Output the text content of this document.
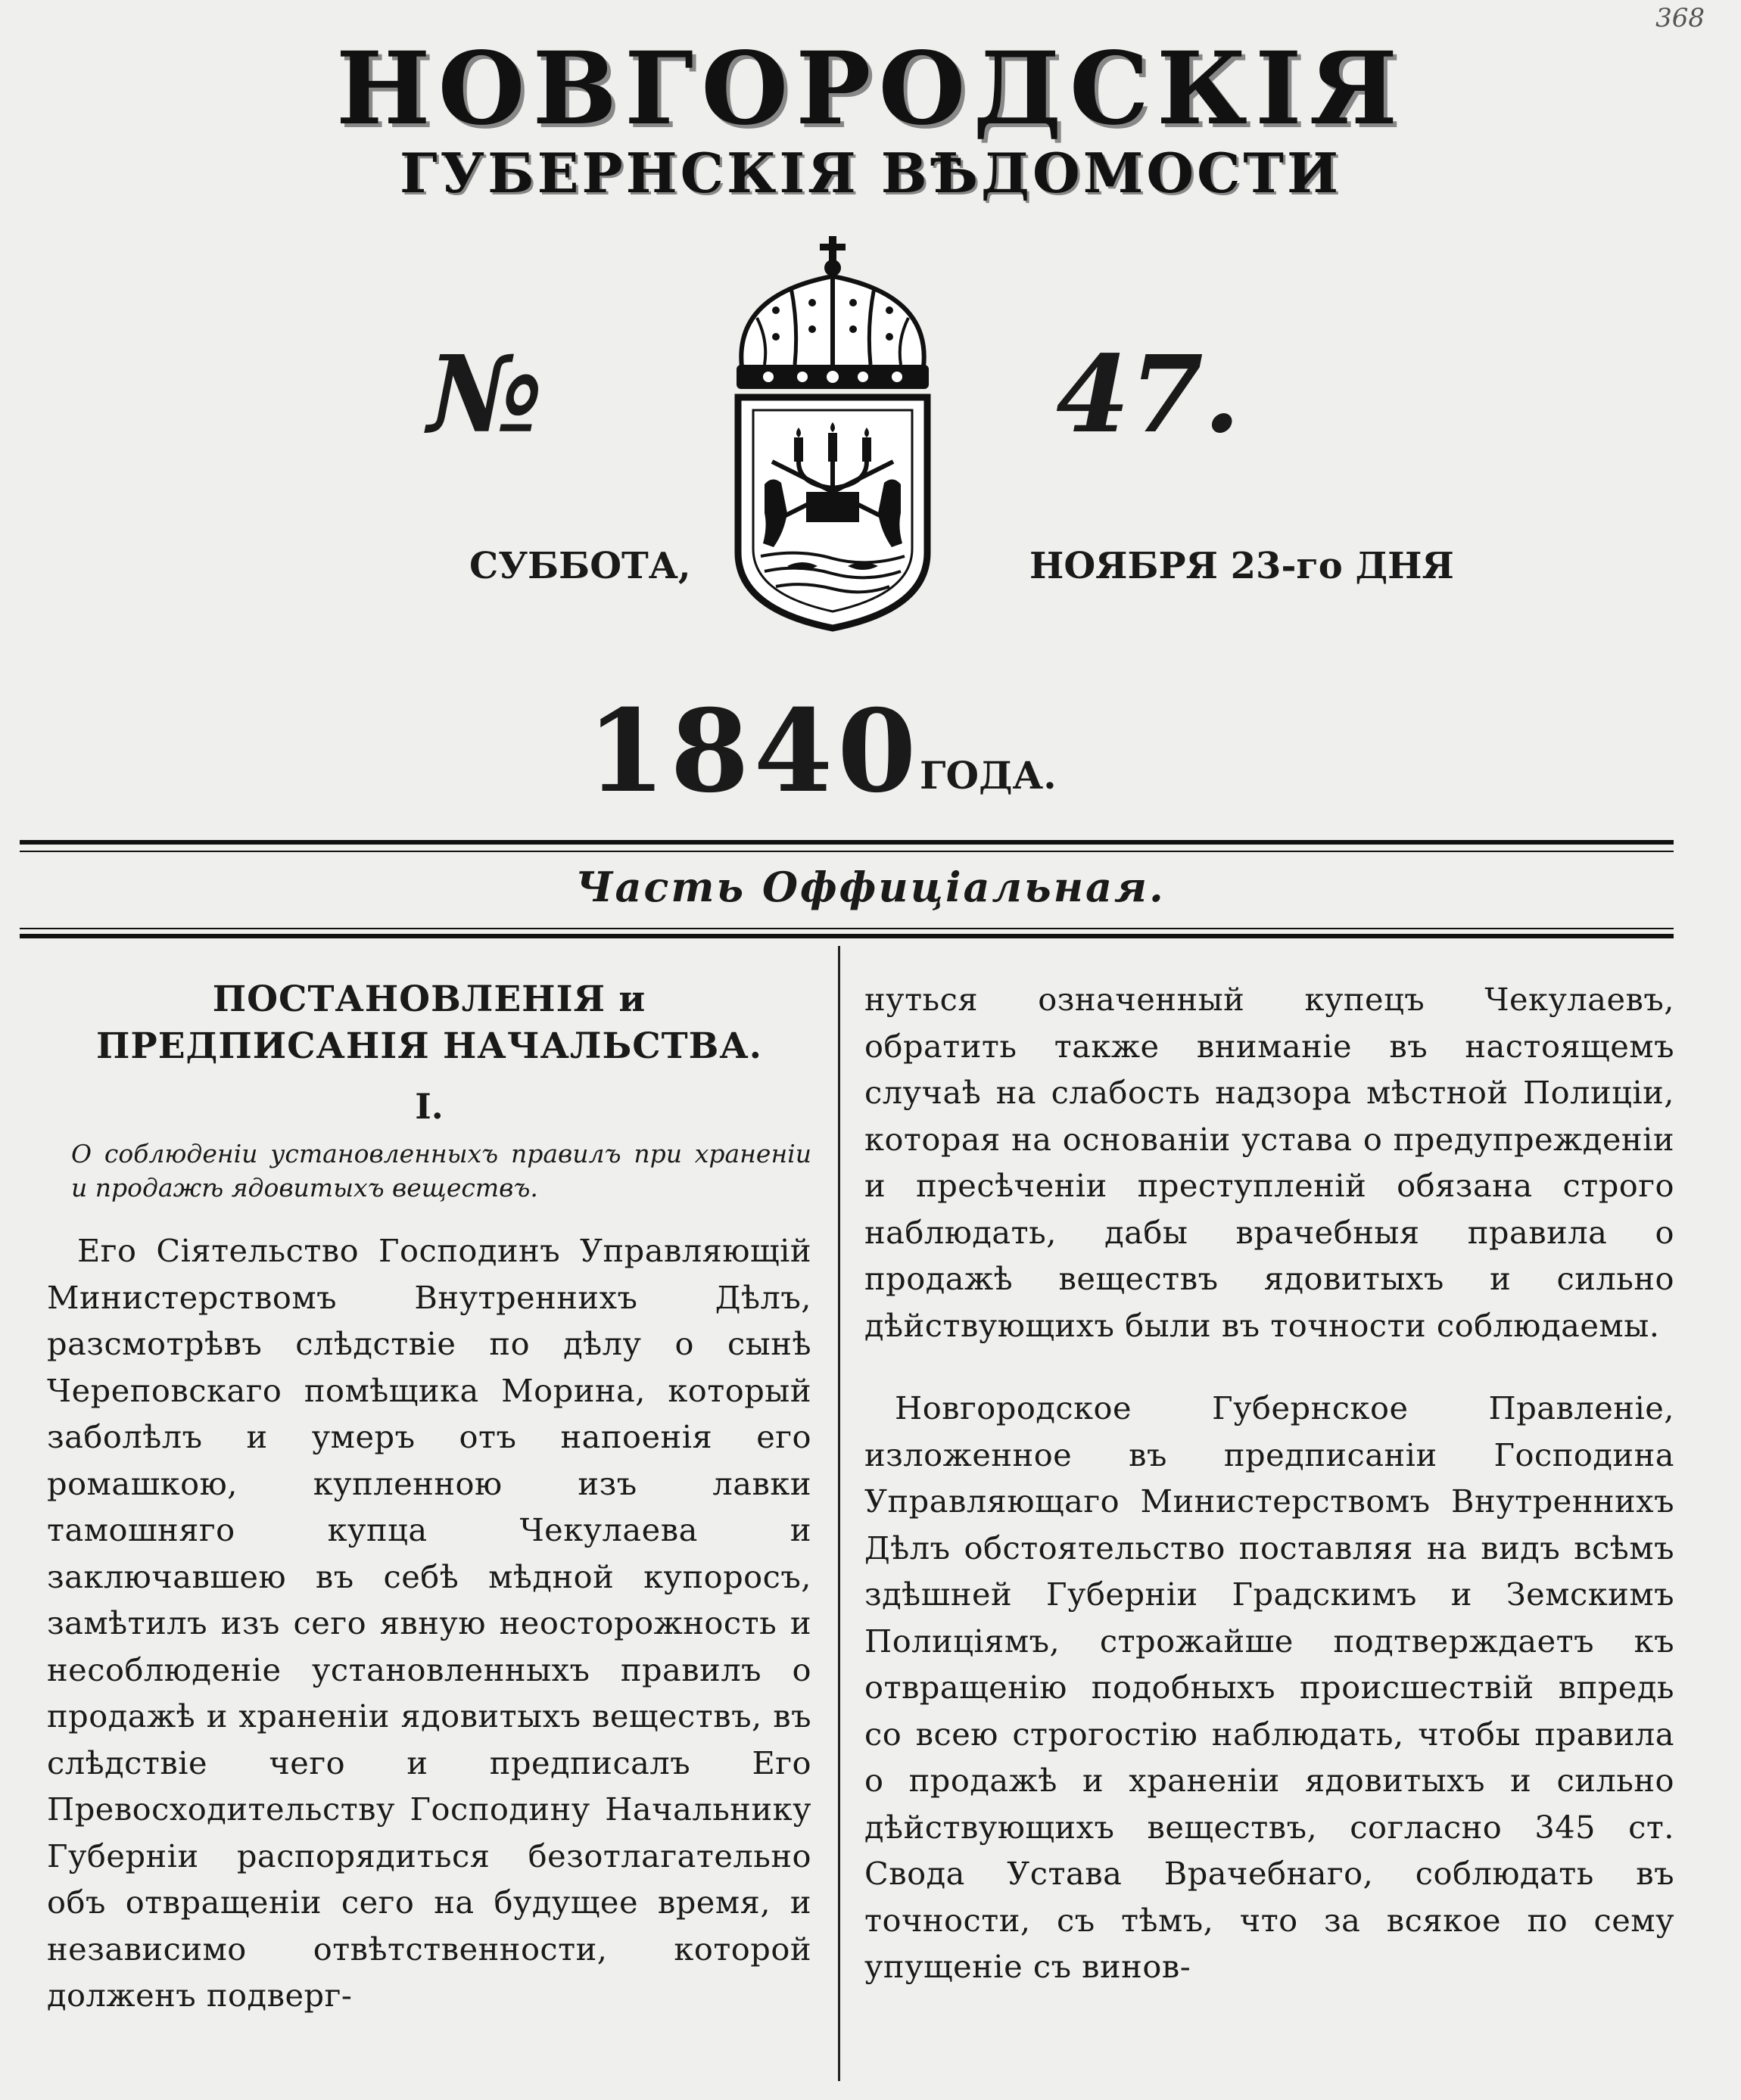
368
НОВГОРОДСКІЯ
ГУБЕРНСКІЯ ВѢДОМОСТИ
№	47.
СУББОТА,	НОЯБРЯ 23-го ДНЯ
1840
ГОДА.
Часть Оффиціальная.
ПОСТАНОВЛЕНІЯ и ПРЕДПИСАНІЯ НАЧАЛЬСТВА.
I.

О соблюденіи установленныхъ правилъ при храненіи и продажѣ ядовитыхъ веществъ.

Его Сіятельство Господинъ Управляющій Министерствомъ Внутреннихъ Дѣлъ, разсмотрѣвъ слѣдствіе по дѣлу о сынѣ Череповскаго помѣщика Морина, который заболѣлъ и умеръ отъ напоенія его ромашкою, купленною изъ лавки тамошняго купца Чекулаева и заключавшею въ себѣ мѣдной купоросъ, замѣтилъ изъ сего явную неосторожность и несоблюденіе установленныхъ правилъ о продажѣ и храненіи ядовитыхъ веществъ, въ слѣдствіе чего и предписалъ Его Превосходительству Господину Начальнику Губерніи распорядиться безотлагательно объ отвращеніи сего на будущее время, и независимо отвѣтственности, которой долженъ подверг-

нуться означенный купецъ Чекулаевъ, обратить также вниманіе въ настоящемъ случаѣ на слабость надзора мѣстной Полиціи, которая на основаніи устава о предупрежденіи и пресѣченіи преступленій обязана строго наблюдать, дабы врачебныя правила о продажѣ веществъ ядовитыхъ и сильно дѣйствующихъ были въ точности соблюдаемы.

Новгородское Губернское Правленіе, изложенное въ предписаніи Господина Управляющаго Министерствомъ Внутреннихъ Дѣлъ обстоятельство поставляя на видъ всѣмъ здѣшней Губерніи Градскимъ и Земскимъ Полиціямъ, строжайше подтверждаетъ къ отвращенію подобныхъ происшествій впредь со всею строгостію наблюдать, чтобы правила о продажѣ и храненіи ядовитыхъ и сильно дѣйствующихъ веществъ, согласно 345 ст. Свода Устава Врачебнаго, соблюдать въ точности, съ тѣмъ, что за всякое по сему упущеніе съ винов-
